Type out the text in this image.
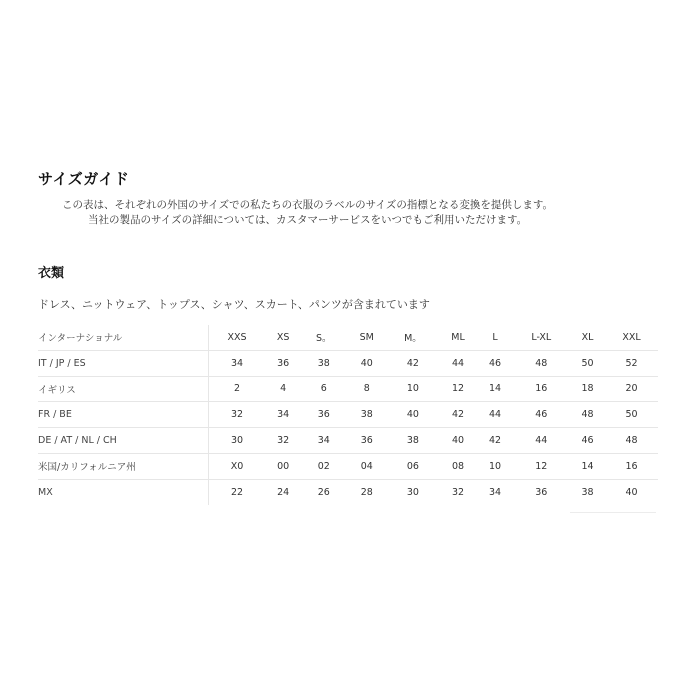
サイズガイド
この表は、それぞれの外国のサイズでの私たちの衣服のラベルのサイズの指標となる変換を提供します。
当社の製品のサイズの詳細については、カスタマーサービスをいつでもご利用いただけます。
衣類
ドレス、ニットウェア、トップス、シャツ、スカート、パンツが含まれています
インターナショナル	XXS	XS	S。	SM	M。	ML	L	L-XL	XL	XXL
IT / JP / ES	34	36	38	40	42	44	46	48	50	52
イギリス	2	4	6	8	10	12	14	16	18	20
FR / BE	32	34	36	38	40	42	44	46	48	50
DE / AT / NL / CH	30	32	34	36	38	40	42	44	46	48
米国/カリフォルニア州	X0	00	02	04	06	08	10	12	14	16
MX	22	24	26	28	30	32	34	36	38	40
